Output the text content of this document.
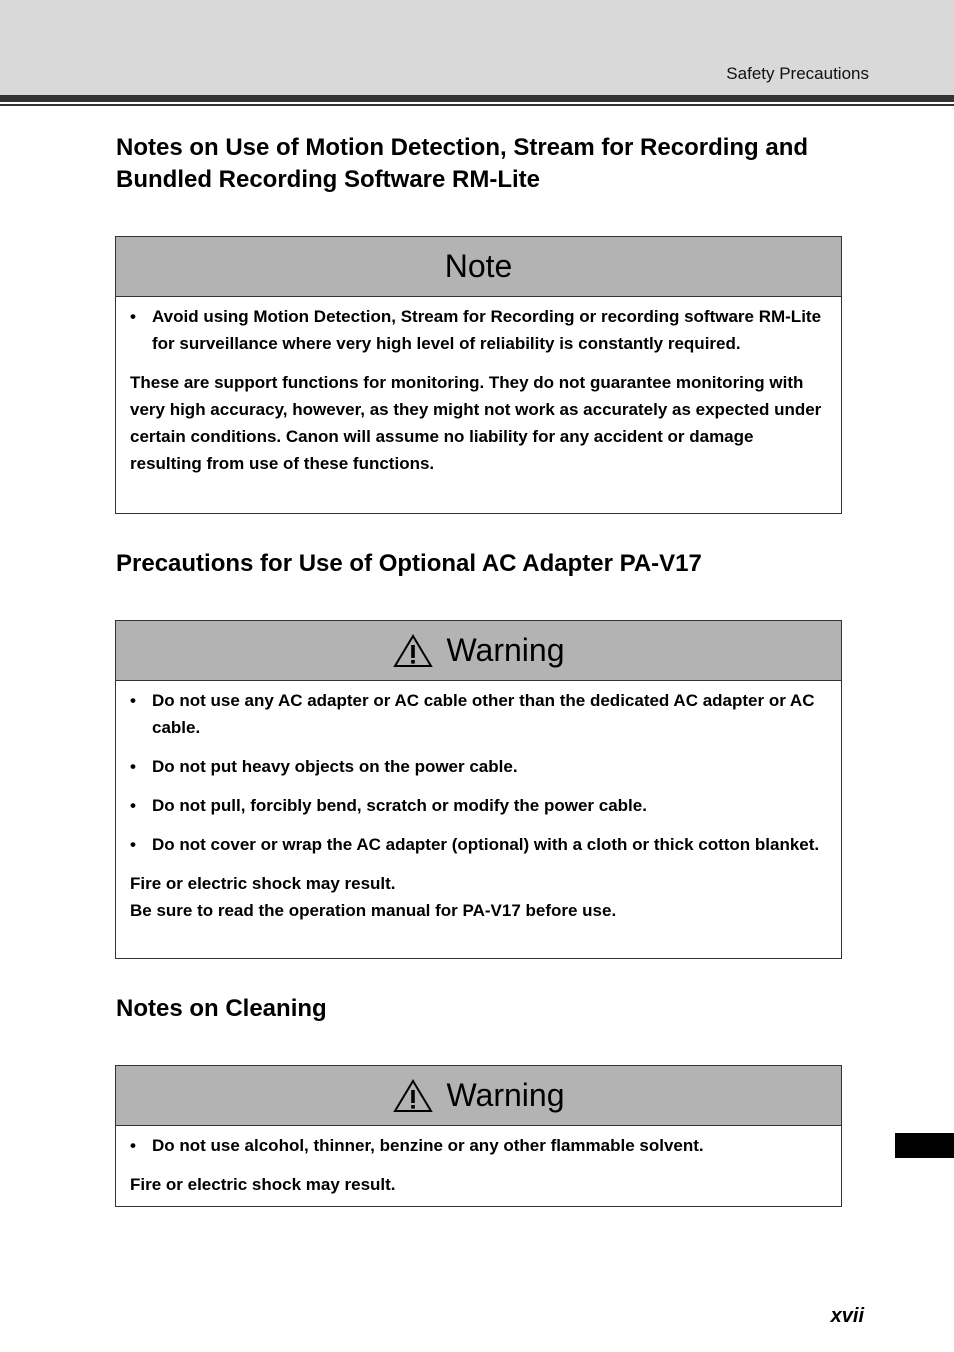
Safety Precautions
Notes on Use of Motion Detection, Stream for Recording and Bundled Recording Software RM-Lite
Note
• Avoid using Motion Detection, Stream for Recording or recording software RM-Lite for surveillance where very high level of reliability is constantly required.

These are support functions for monitoring. They do not guarantee monitoring with very high accuracy, however, as they might not work as accurately as expected under certain conditions. Canon will assume no liability for any accident or damage resulting from use of these functions.

Precautions for Use of Optional AC Adapter PA-V17
Warning
• Do not use any AC adapter or AC cable other than the dedicated AC adapter or AC cable.
• Do not put heavy objects on the power cable.
• Do not pull, forcibly bend, scratch or modify the power cable.
• Do not cover or wrap the AC adapter (optional) with a cloth or thick cotton blanket.

Fire or electric shock may result.

Be sure to read the operation manual for PA-V17 before use.

Notes on Cleaning
Warning
• Do not use alcohol, thinner, benzine or any other flammable solvent.

Fire or electric shock may result.

xvii
